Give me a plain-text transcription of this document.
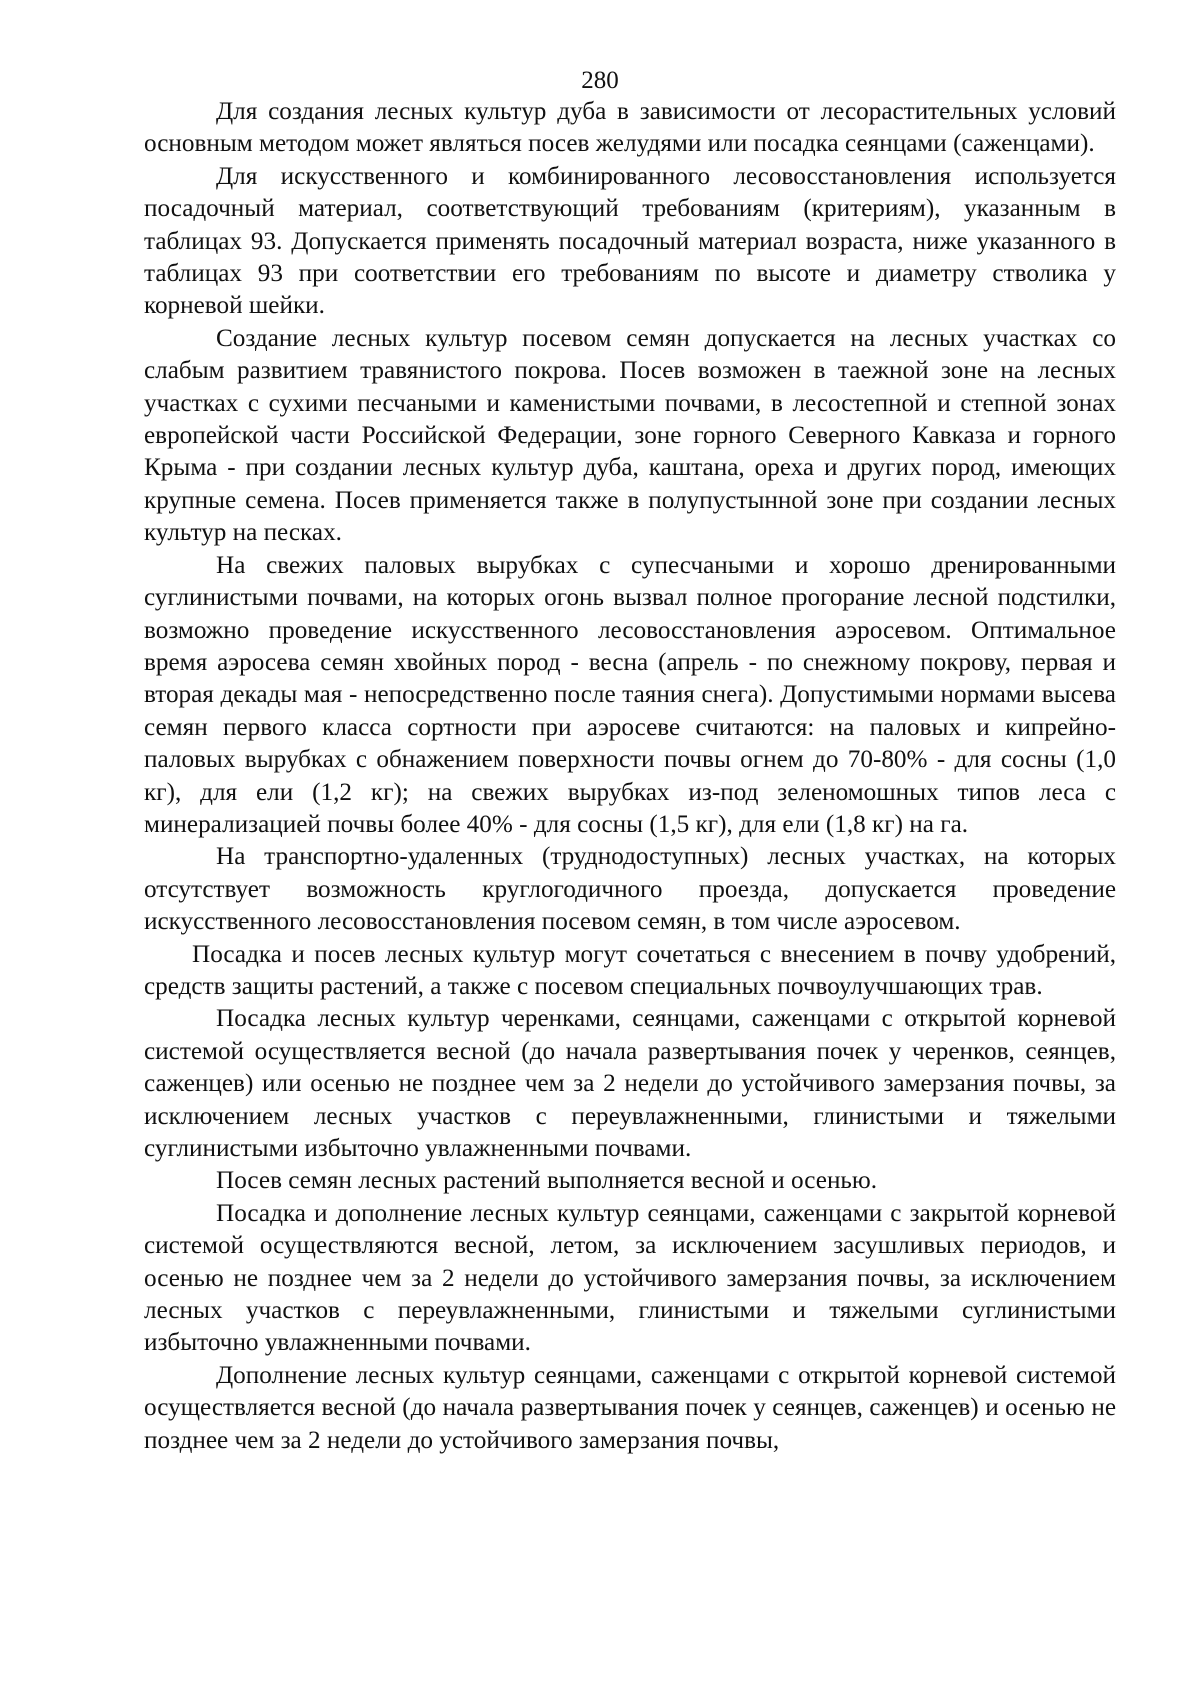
280

Для создания лесных культур дуба в зависимости от лесорастительных условий основным методом может являться посев желудями или посадка сеянцами (саженцами).

Для искусственного и комбинированного лесовосстановления используется посадочный материал, соответствующий требованиям (критериям), указанным в таблицах 93. Допускается применять посадочный материал возраста, ниже указанного в таблицах 93 при соответствии его требованиям по высоте и диаметру стволика у корневой шейки.

Создание лесных культур посевом семян допускается на лесных участках со слабым развитием травянистого покрова. Посев возможен в таежной зоне на лесных участках с сухими песчаными и каменистыми почвами, в лесостепной и степной зонах европейской части Российской Федерации, зоне горного Северного Кавказа и горного Крыма - при создании лесных культур дуба, каштана, ореха и других пород, имеющих крупные семена. Посев применяется также в полупустынной зоне при создании лесных культур на песках.

На свежих паловых вырубках с супесчаными и хорошо дренированными суглинистыми почвами, на которых огонь вызвал полное прогорание лесной подстилки, возможно проведение искусственного лесовосстановления аэросевом. Оптимальное время аэросева семян хвойных пород - весна (апрель - по снежному покрову, первая и вторая декады мая - непосредственно после таяния снега). Допустимыми нормами высева семян первого класса сортности при аэросеве считаются: на паловых и кипрейно-паловых вырубках с обнажением поверхности почвы огнем до 70-80% - для сосны (1,0 кг), для ели (1,2 кг); на свежих вырубках из-под зеленомошных типов леса с минерализацией почвы более 40% - для сосны (1,5 кг), для ели (1,8 кг) на га.

На транспортно-удаленных (труднодоступных) лесных участках, на которых отсутствует возможность круглогодичного проезда, допускается проведение искусственного лесовосстановления посевом семян, в том числе аэросевом.

Посадка и посев лесных культур могут сочетаться с внесением в почву удобрений, средств защиты растений, а также с посевом специальных почвоулучшающих трав.

Посадка лесных культур черенками, сеянцами, саженцами с открытой корневой системой осуществляется весной (до начала развертывания почек у черенков, сеянцев, саженцев) или осенью не позднее чем за 2 недели до устойчивого замерзания почвы, за исключением лесных участков с переувлажненными, глинистыми и тяжелыми суглинистыми избыточно увлажненными почвами.

Посев семян лесных растений выполняется весной и осенью.

Посадка и дополнение лесных культур сеянцами, саженцами с закрытой корневой системой осуществляются весной, летом, за исключением засушливых периодов, и осенью не позднее чем за 2 недели до устойчивого замерзания почвы, за исключением лесных участков с переувлажненными, глинистыми и тяжелыми суглинистыми избыточно увлажненными почвами.

Дополнение лесных культур сеянцами, саженцами с открытой корневой системой осуществляется весной (до начала развертывания почек у сеянцев, саженцев) и осенью не позднее чем за 2 недели до устойчивого замерзания почвы,
